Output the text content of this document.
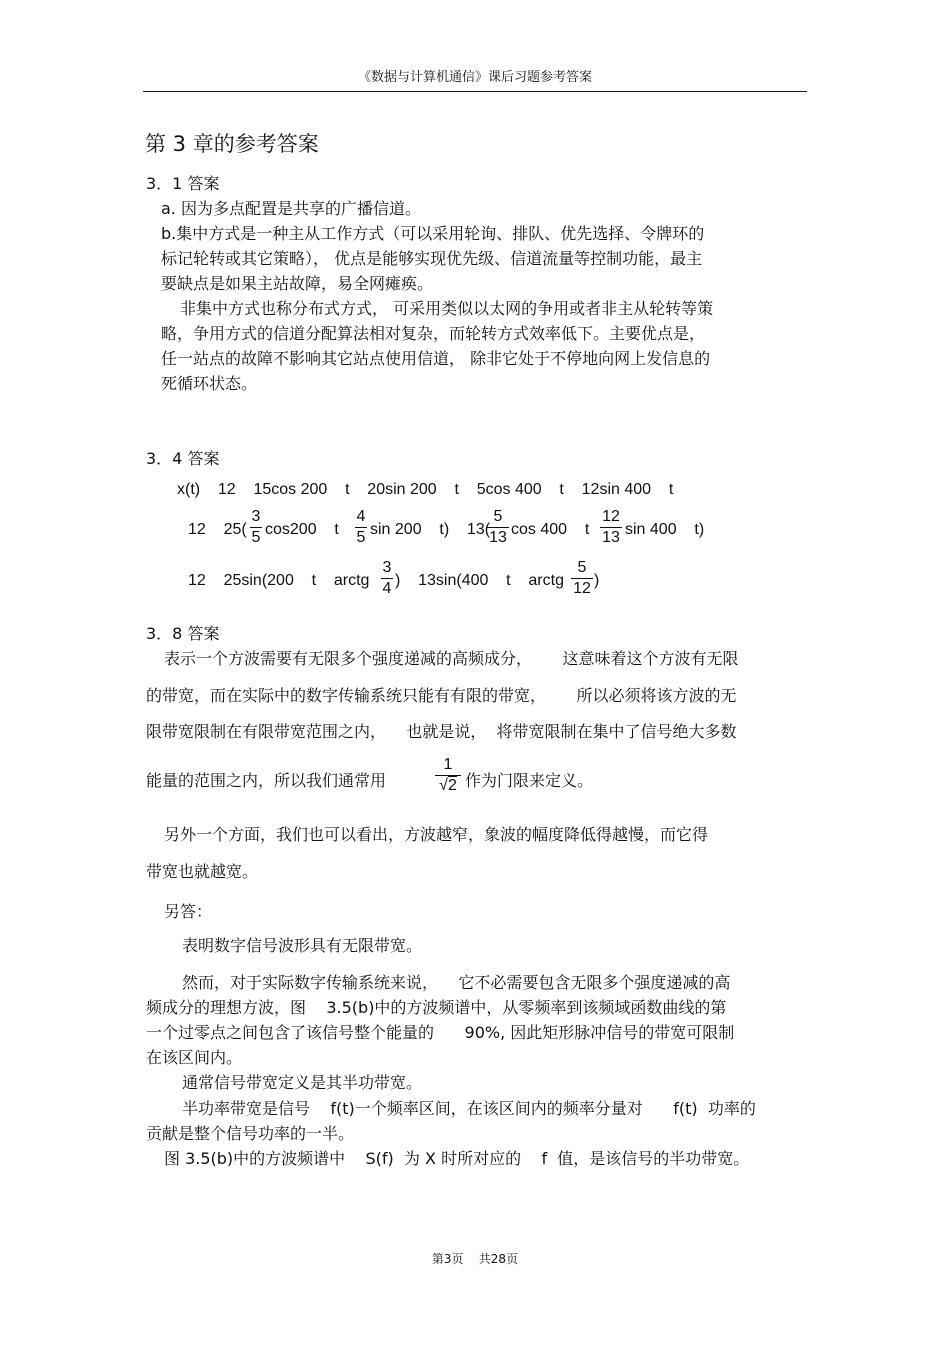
《数据与计算机通信》课后习题参考答案
第 3 章的参考答案
3．1 答案
a. 因为多点配置是共享的广播信道。
b.集中方式是一种主从工作方式（可以采用轮询、排队、优先选择、令牌环的
标记轮转或其它策略）， 优点是能够实现优先级、信道流量等控制功能，最主
要缺点是如果主站故障，易全网瘫痪。
非集中方式也称分布式方式， 可采用类似以太网的争用或者非主从轮转等策
略，争用方式的信道分配算法相对复杂，而轮转方式效率低下。主要优点是，
任一站点的故障不影响其它站点使用信道， 除非它处于不停地向网上发信息的
死循环状态。
3．4 答案
x(t)    12    15cos 200    t    20sin 200    t    5cos 400    t    12sin 400    t
12    25(
3
5 cos200    t
4
5 sin 200    t)    13(
5
13 cos 400    t
12
13 sin 400    t)
12    25sin(200    t    arctg
3
4 )    13sin(400    t    arctg
5
12 )
3．8 答案
表示一个方波需要有无限多个强度递减的高频成分，      这意味着这个方波有无限
的带宽，而在实际中的数字传输系统只能有有限的带宽，      所以必须将该方波的无
限带宽限制在有限带宽范围之内，    也就是说，  将带宽限制在集中了信号绝大多数
能量的范围之内，所以我们通常用
1
√2 作为门限来定义。
另外一个方面，我们也可以看出，方波越窄，象波的幅度降低得越慢，而它得
带宽也就越宽。
另答：
表明数字信号波形具有无限带宽。
然而，对于实际数字传输系统来说，    它不必需要包含无限多个强度递减的高
频成分的理想方波，图    3.5(b)中的方波频谱中，从零频率到该频域函数曲线的第
一个过零点之间包含了该信号整个能量的      90%, 因此矩形脉冲信号的带宽可限制
在该区间内。
通常信号带宽定义是其半功带宽。
半功率带宽是信号    f(t)一个频率区间，在该区间内的频率分量对      f(t)  功率的
贡献是整个信号功率的一半。
图 3.5(b)中的方波频谱中    S(f)  为 X 时所对应的    f  值，是该信号的半功带宽。
第3页    共28页
